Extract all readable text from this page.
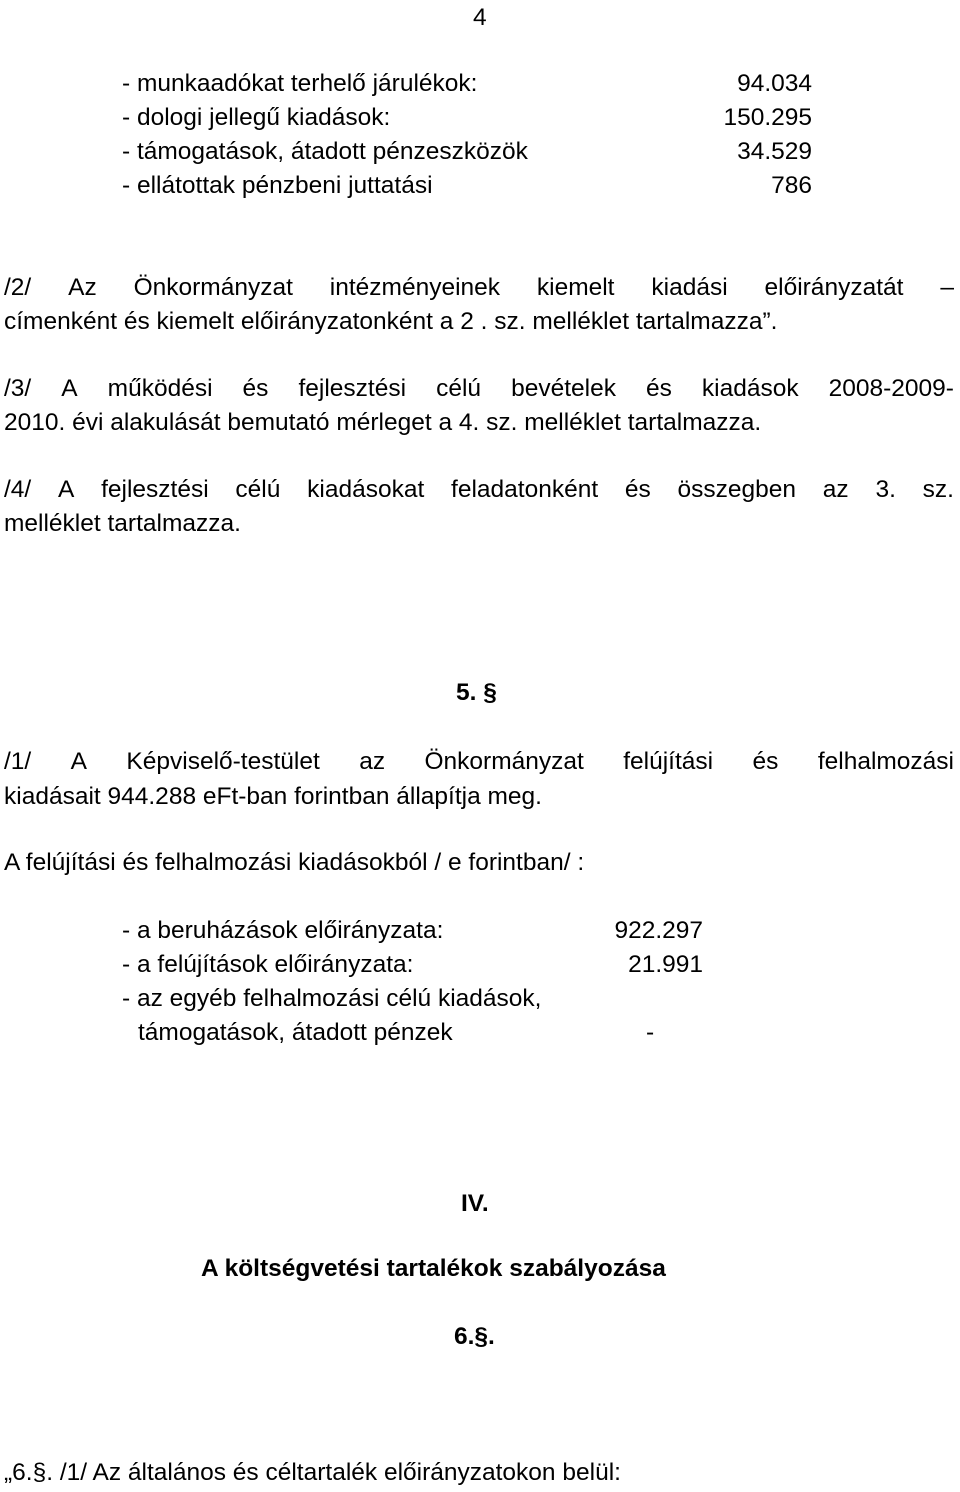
4
- munkaadókat terhelő járulékok:	94.034
- dologi jellegű kiadások:	150.295
- támogatások, átadott pénzeszközök	34.529
- ellátottak pénzbeni juttatási	786
/2/ Az Önkormányzat intézményeinek kiemelt kiadási előirányzatát –
címenként és kiemelt előirányzatonként a 2 . sz. melléklet tartalmazza”.
/3/ A működési és fejlesztési célú bevételek és kiadások 2008-2009-
2010. évi alakulását bemutató mérleget a 4. sz. melléklet tartalmazza.
/4/ A fejlesztési célú kiadásokat feladatonként és összegben az 3. sz.
melléklet tartalmazza.
5. §
/1/ A Képviselő-testület az Önkormányzat felújítási és felhalmozási
kiadásait 944.288 eFt-ban forintban állapítja meg.
A felújítási és felhalmozási kiadásokból / e forintban/ :
- a beruházások előirányzata:	922.297
- a felújítások előirányzata:	21.991
- az egyéb felhalmozási célú kiadások,
támogatások, átadott pénzek	-
IV.
A költségvetési tartalékok szabályozása
6.§.
„6.§. /1/ Az általános és céltartalék előirányzatokon belül:
